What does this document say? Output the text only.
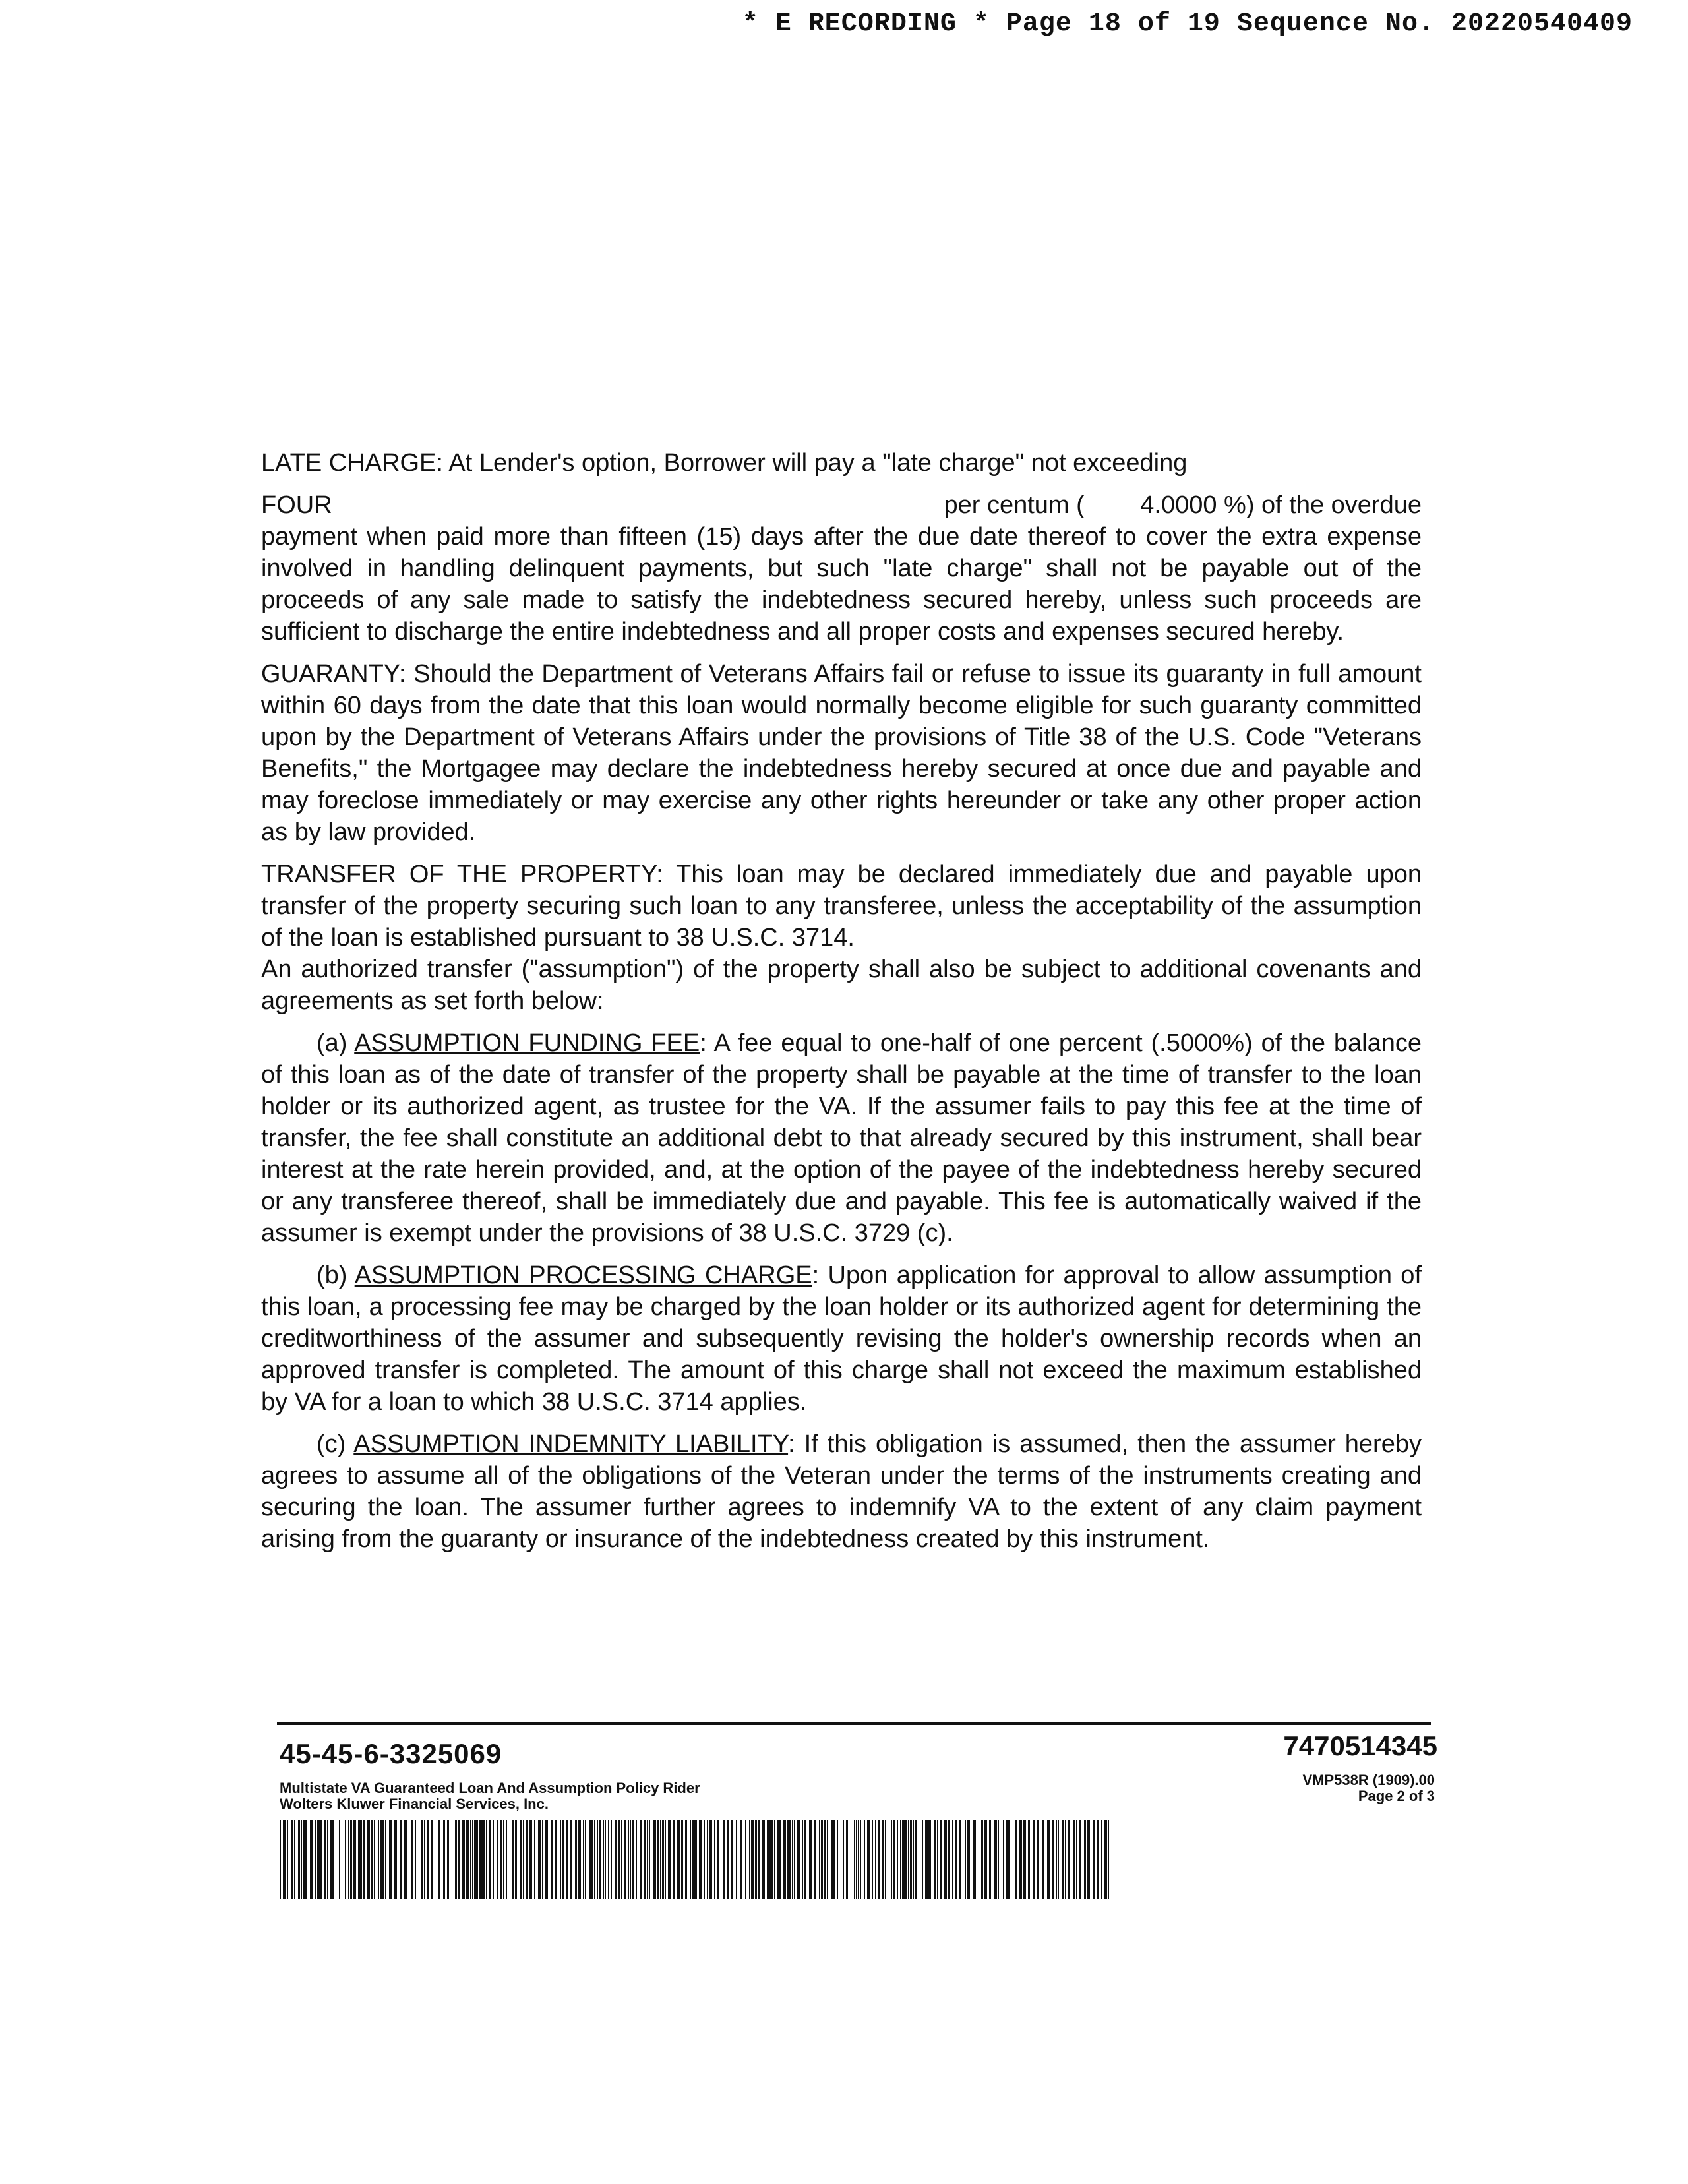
* E RECORDING * Page 18 of 19 Sequence No. 20220540409

LATE CHARGE: At Lender's option, Borrower will pay a "late charge" not exceeding

FOUR	per centum ( 4.0000 %) of the overdue

payment when paid more than fifteen (15) days after the due date thereof to cover the extra expense involved in handling delinquent payments, but such "late charge" shall not be payable out of the proceeds of any sale made to satisfy the indebtedness secured hereby, unless such proceeds are sufficient to discharge the entire indebtedness and all proper costs and expenses secured hereby.

GUARANTY: Should the Department of Veterans Affairs fail or refuse to issue its guaranty in full amount within 60 days from the date that this loan would normally become eligible for such guaranty committed upon by the Department of Veterans Affairs under the provisions of Title 38 of the U.S. Code "Veterans Benefits," the Mortgagee may declare the indebtedness hereby secured at once due and payable and may foreclose immediately or may exercise any other rights hereunder or take any other proper action as by law provided.

TRANSFER OF THE PROPERTY: This loan may be declared immediately due and payable upon transfer of the property securing such loan to any transferee, unless the acceptability of the assumption of the loan is established pursuant to 38 U.S.C. 3714.

An authorized transfer ("assumption") of the property shall also be subject to additional covenants and agreements as set forth below:

(a) ASSUMPTION FUNDING FEE: A fee equal to one-half of one percent (.5000%) of the balance of this loan as of the date of transfer of the property shall be payable at the time of transfer to the loan holder or its authorized agent, as trustee for the VA. If the assumer fails to pay this fee at the time of transfer, the fee shall constitute an additional debt to that already secured by this instrument, shall bear interest at the rate herein provided, and, at the option of the payee of the indebtedness hereby secured or any transferee thereof, shall be immediately due and payable. This fee is automatically waived if the assumer is exempt under the provisions of 38 U.S.C. 3729 (c).

(b) ASSUMPTION PROCESSING CHARGE: Upon application for approval to allow assumption of this loan, a processing fee may be charged by the loan holder or its authorized agent for determining the creditworthiness of the assumer and subsequently revising the holder's ownership records when an approved transfer is completed. The amount of this charge shall not exceed the maximum established by VA for a loan to which 38 U.S.C. 3714 applies.

(c) ASSUMPTION INDEMNITY LIABILITY: If this obligation is assumed, then the assumer hereby agrees to assume all of the obligations of the Veteran under the terms of the instruments creating and securing the loan. The assumer further agrees to indemnify VA to the extent of any claim payment arising from the guaranty or insurance of the indebtedness created by this instrument.

45-45-6-3325069
Multistate VA Guaranteed Loan And Assumption Policy Rider
Wolters Kluwer Financial Services, Inc.
7470514345
VMP538R (1909).00
Page 2 of 3
